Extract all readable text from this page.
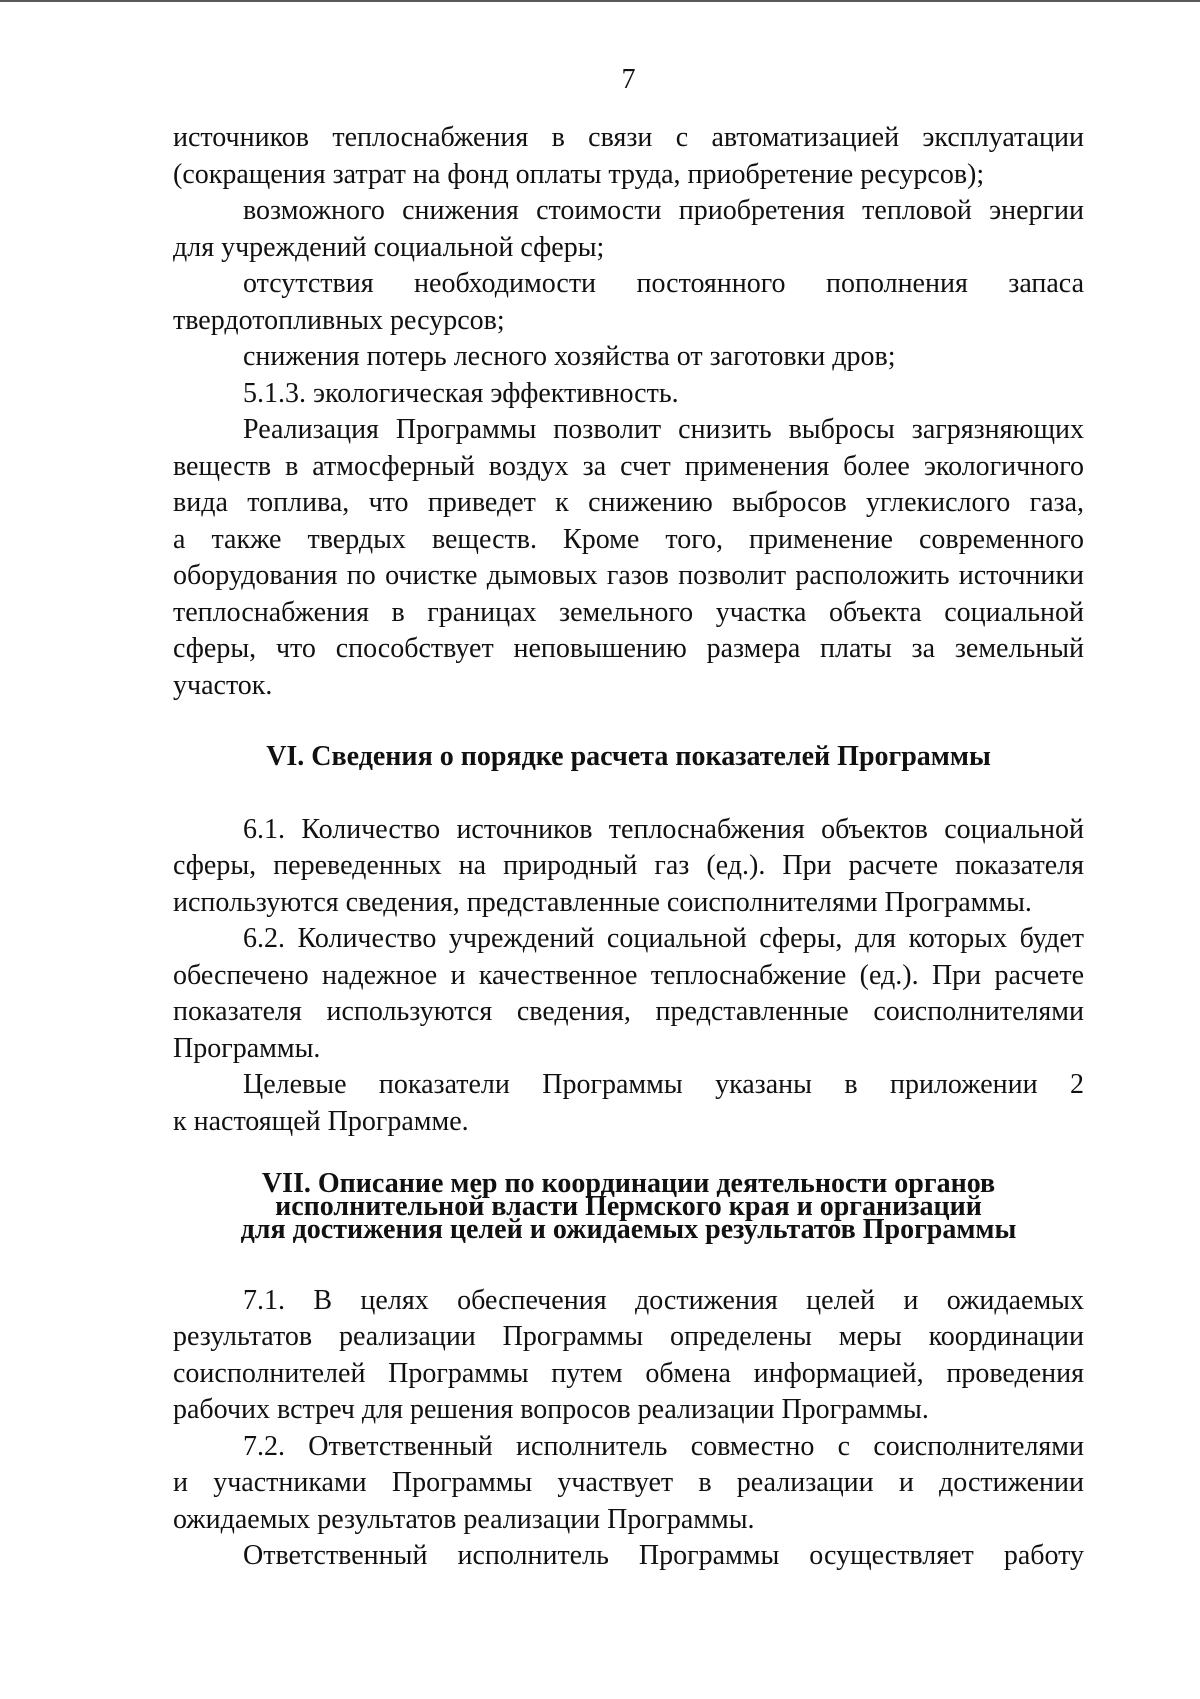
7
источников теплоснабжения в связи с автоматизацией эксплуатации
(сокращения затрат на фонд оплаты труда, приобретение ресурсов);
возможного снижения стоимости приобретения тепловой энергии
для учреждений социальной сферы;
отсутствия необходимости постоянного пополнения запаса
твердотопливных ресурсов;
снижения потерь лесного хозяйства от заготовки дров;
5.1.3. экологическая эффективность.
Реализация Программы позволит снизить выбросы загрязняющих
веществ в атмосферный воздух за счет применения более экологичного
вида топлива, что приведет к снижению выбросов углекислого газа,
а также твердых веществ. Кроме того, применение современного
оборудования по очистке дымовых газов позволит расположить источники
теплоснабжения в границах земельного участка объекта социальной
сферы, что способствует неповышению размера платы за земельный
участок.
VI. Сведения о порядке расчета показателей Программы
6.1. Количество источников теплоснабжения объектов социальной
сферы, переведенных на природный газ (ед.). При расчете показателя
используются сведения, представленные соисполнителями Программы.
6.2. Количество учреждений социальной сферы, для которых будет
обеспечено надежное и качественное теплоснабжение (ед.). При расчете
показателя используются сведения, представленные соисполнителями
Программы.
Целевые показатели Программы указаны в приложении 2
к настоящей Программе.
VII. Описание мер по координации деятельности органов
исполнительной власти Пермского края и организаций
для достижения целей и ожидаемых результатов Программы
7.1. В целях обеспечения достижения целей и ожидаемых
результатов реализации Программы определены меры координации
соисполнителей Программы путем обмена информацией, проведения
рабочих встреч для решения вопросов реализации Программы.
7.2. Ответственный исполнитель совместно с соисполнителями
и участниками Программы участвует в реализации и достижении
ожидаемых результатов реализации Программы.
Ответственный исполнитель Программы осуществляет работу
